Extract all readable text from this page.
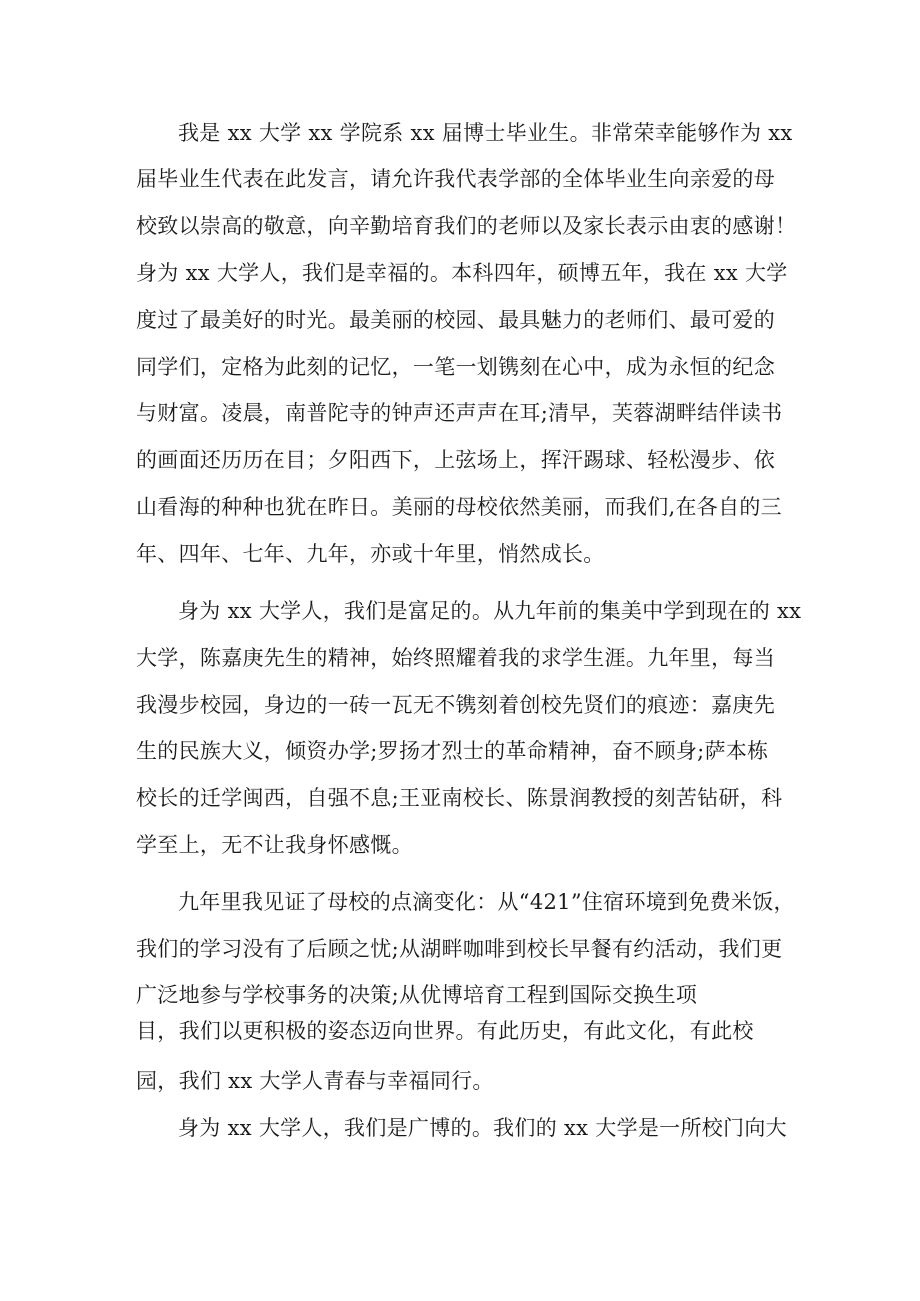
我是 xx 大学 xx 学院系 xx 届博士毕业生。非常荣幸能够作为 xx
届毕业生代表在此发言，请允许我代表学部的全体毕业生向亲爱的母
校致以崇高的敬意，向辛勤培育我们的老师以及家长表示由衷的感谢！
身为 xx 大学人，我们是幸福的。本科四年，硕博五年，我在 xx 大学
度过了最美好的时光。最美丽的校园、最具魅力的老师们、最可爱的
同学们，定格为此刻的记忆，一笔一划镌刻在心中，成为永恒的纪念
与财富。凌晨，南普陀寺的钟声还声声在耳;清早，芙蓉湖畔结伴读书
的画面还历历在目；夕阳西下，上弦场上，挥汗踢球、轻松漫步、依
山看海的种种也犹在昨日。美丽的母校依然美丽，而我们,在各自的三
年、四年、七年、九年，亦或十年里，悄然成长。
身为 xx 大学人，我们是富足的。从九年前的集美中学到现在的 xx
大学，陈嘉庚先生的精神，始终照耀着我的求学生涯。九年里，每当
我漫步校园，身边的一砖一瓦无不镌刻着创校先贤们的痕迹：嘉庚先
生的民族大义，倾资办学;罗扬才烈士的革命精神，奋不顾身;萨本栋
校长的迁学闽西，自强不息;王亚南校长、陈景润教授的刻苦钻研，科
学至上，无不让我身怀感慨。
九年里我见证了母校的点滴变化：从“421”住宿环境到免费米饭，
我们的学习没有了后顾之忧;从湖畔咖啡到校长早餐有约活动，我们更
广泛地参与学校事务的决策;从优博培育工程到国际交换生项
目，我们以更积极的姿态迈向世界。有此历史，有此文化，有此校
园，我们 xx 大学人青春与幸福同行。
身为 xx 大学人，我们是广博的。我们的 xx 大学是一所校门向大
